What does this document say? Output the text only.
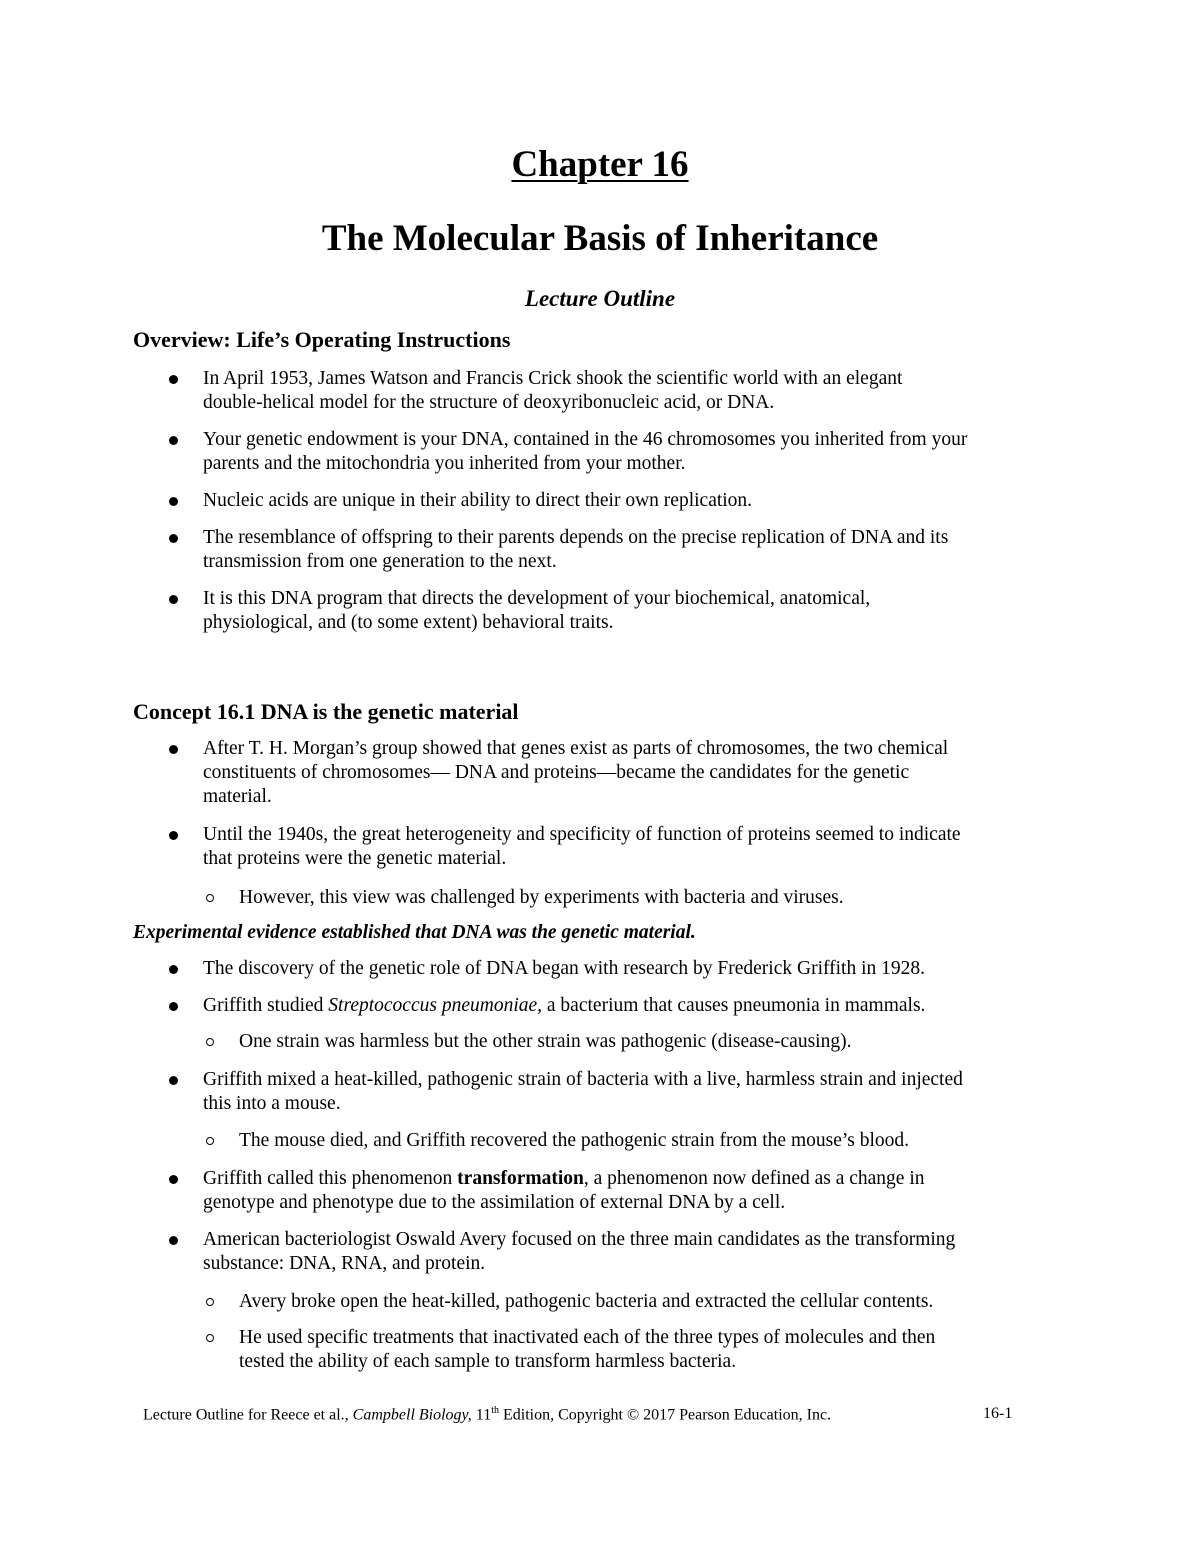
Chapter 16
The Molecular Basis of Inheritance
Lecture Outline
Overview: Life’s Operating Instructions
In April 1953, James Watson and Francis Crick shook the scientific world with an elegant
double-helical model for the structure of deoxyribonucleic acid, or DNA.
Your genetic endowment is your DNA, contained in the 46 chromosomes you inherited from your
parents and the mitochondria you inherited from your mother.
Nucleic acids are unique in their ability to direct their own replication.
The resemblance of offspring to their parents depends on the precise replication of DNA and its
transmission from one generation to the next.
It is this DNA program that directs the development of your biochemical, anatomical,
physiological, and (to some extent) behavioral traits.
Concept 16.1 DNA is the genetic material
After T. H. Morgan’s group showed that genes exist as parts of chromosomes, the two chemical
constituents of chromosomes— DNA and proteins—became the candidates for the genetic
material.
Until the 1940s, the great heterogeneity and specificity of function of proteins seemed to indicate
that proteins were the genetic material.
However, this view was challenged by experiments with bacteria and viruses.
Experimental evidence established that DNA was the genetic material.
The discovery of the genetic role of DNA began with research by Frederick Griffith in 1928.
Griffith studied Streptococcus pneumoniae, a bacterium that causes pneumonia in mammals.
One strain was harmless but the other strain was pathogenic (disease-causing).
Griffith mixed a heat-killed, pathogenic strain of bacteria with a live, harmless strain and injected
this into a mouse.
The mouse died, and Griffith recovered the pathogenic strain from the mouse’s blood.
Griffith called this phenomenon transformation, a phenomenon now defined as a change in
genotype and phenotype due to the assimilation of external DNA by a cell.
American bacteriologist Oswald Avery focused on the three main candidates as the transforming
substance: DNA, RNA, and protein.
Avery broke open the heat-killed, pathogenic bacteria and extracted the cellular contents.
He used specific treatments that inactivated each of the three types of molecules and then
tested the ability of each sample to transform harmless bacteria.
Lecture Outline for Reece et al., Campbell Biology, 11th Edition, Copyright © 2017 Pearson Education, Inc.	16-1
